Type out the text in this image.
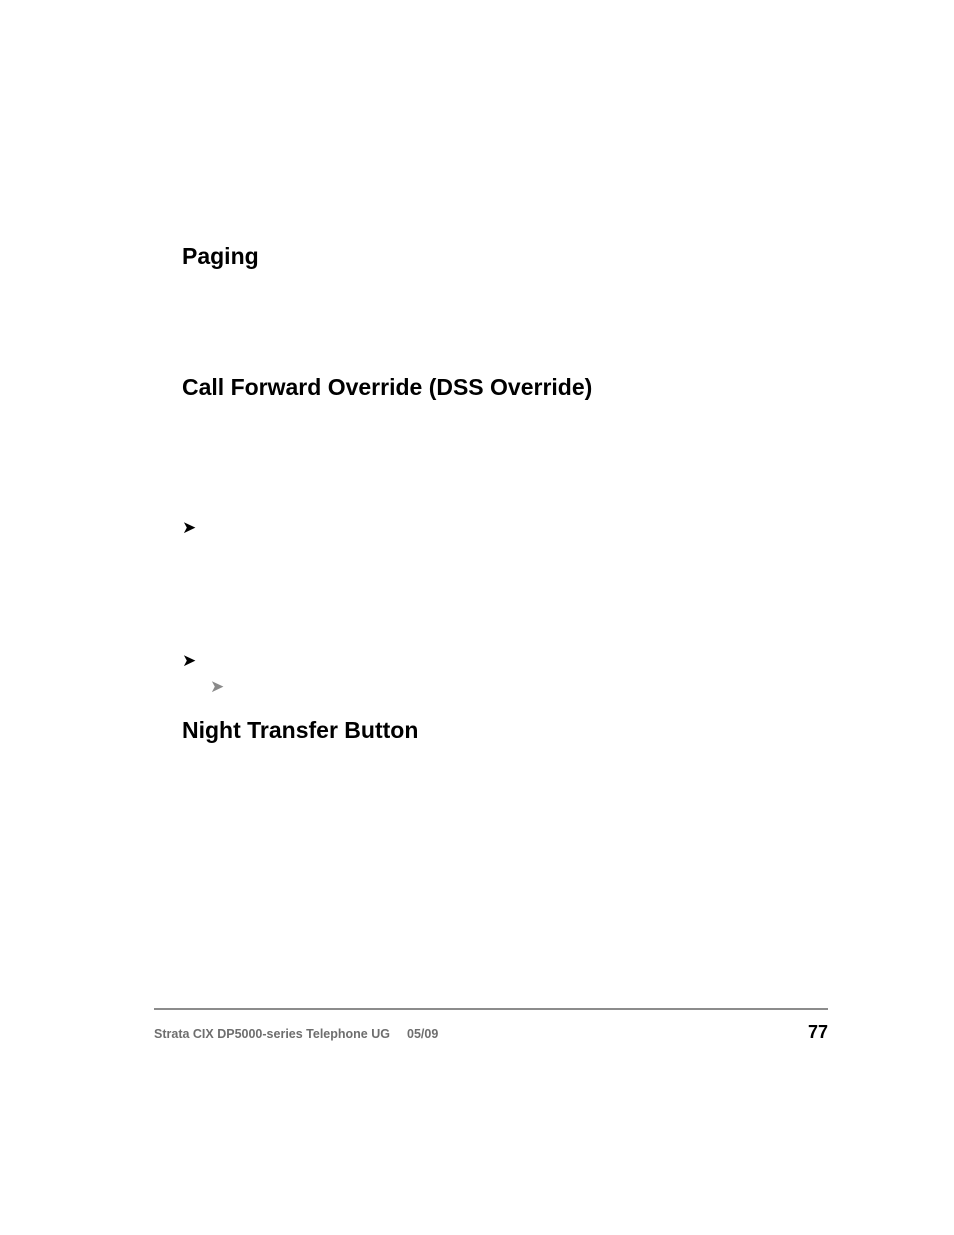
Paging
Call Forward Override (DSS Override)
➤
➤
➤
Night Transfer Button
Strata CIX DP5000-series Telephone UG 05/09	77
